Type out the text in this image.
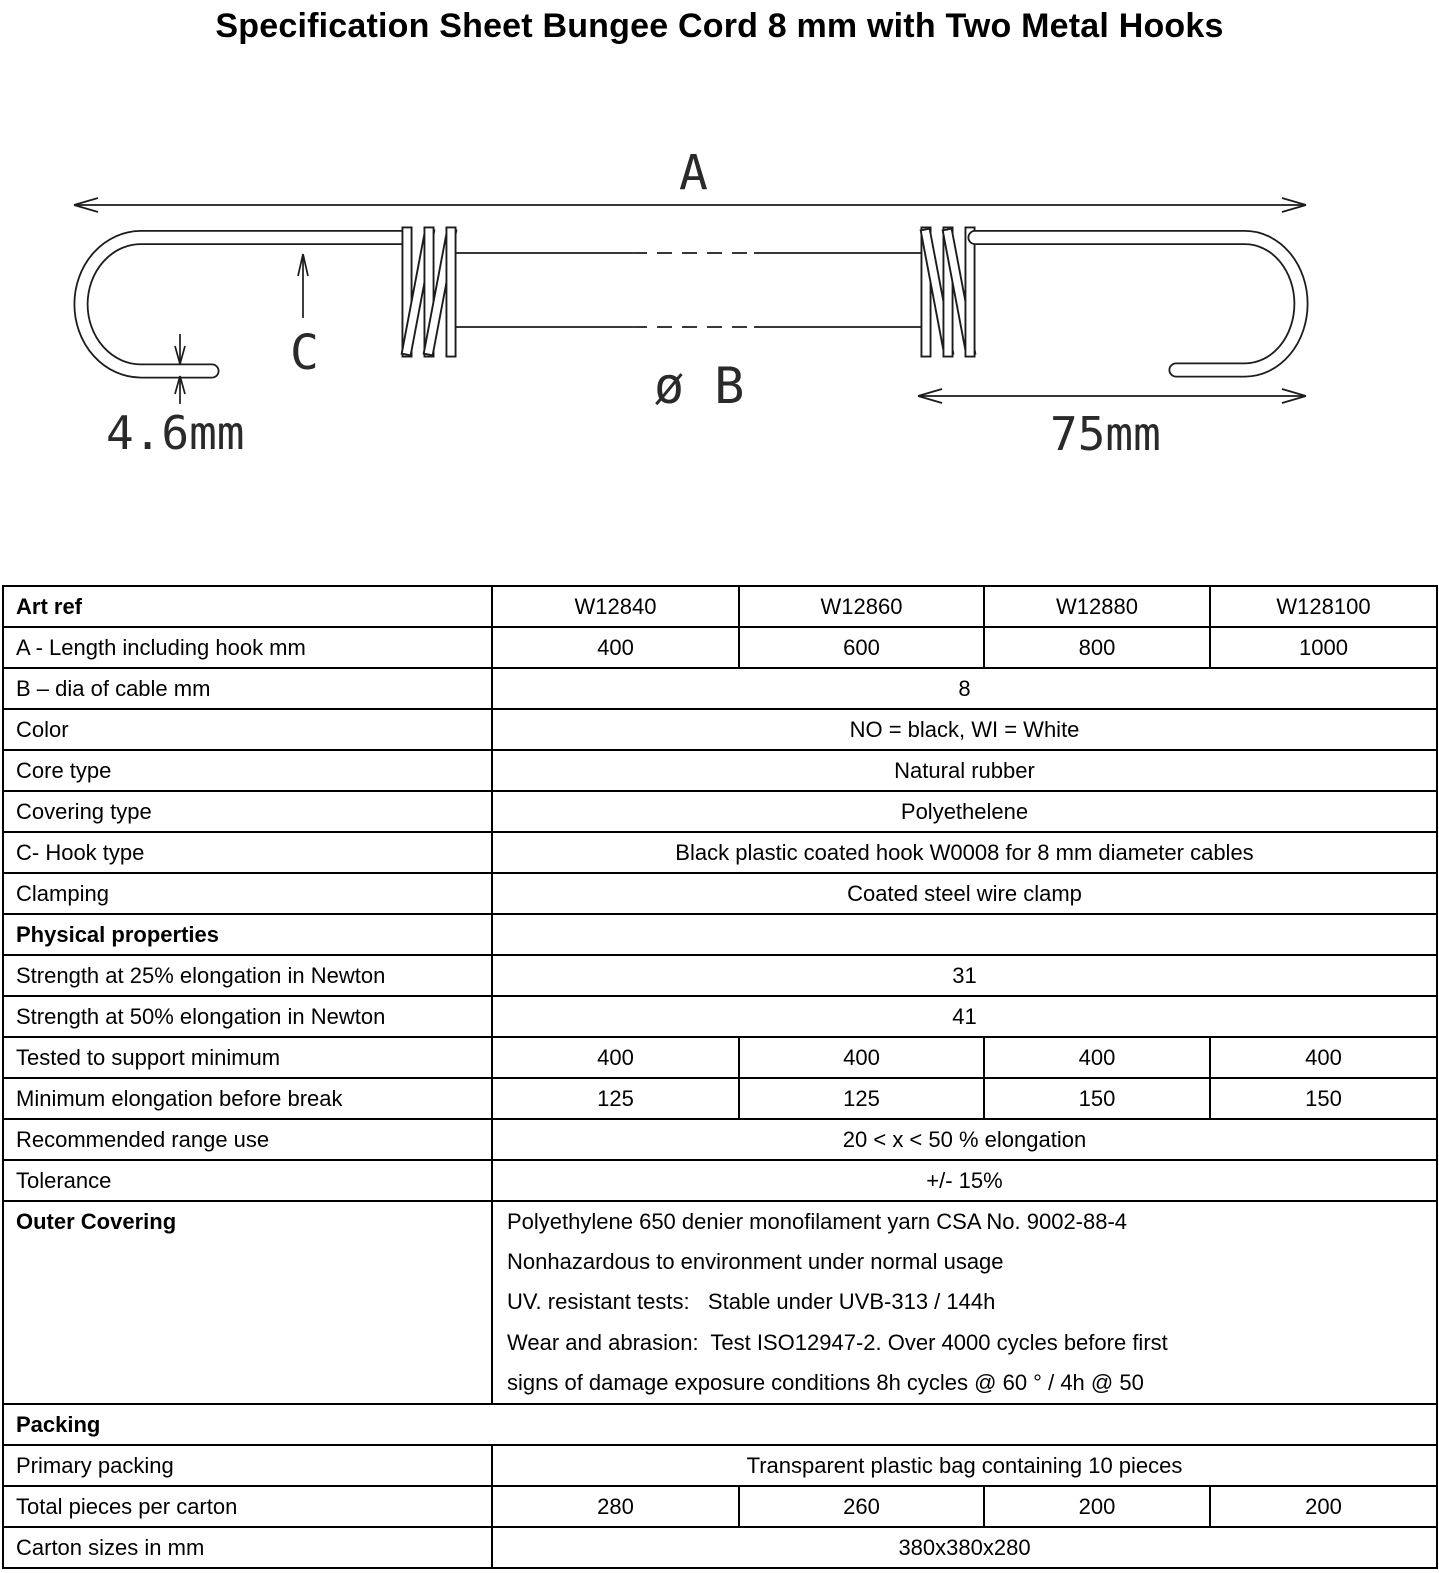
Specification Sheet Bungee Cord 8 mm with Two Metal Hooks
A
C
ø B
4.6mm	75mm
Art ref	W12840	W12860	W12880	W128100
A - Length including hook mm	400	600	800	1000
B – dia of cable mm	8			
Color	NO = black, WI = White			
Core type	Natural rubber			
Covering type	Polyethelene			
C- Hook type	Black plastic coated hook W0008 for 8 mm diameter cables			
Clamping	Coated steel wire clamp			
Physical properties				
Strength at 25% elongation in Newton	31			
Strength at 50% elongation in Newton	41			
Tested to support minimum	400	400	400	400
Minimum elongation before break	125	125	150	150
Recommended range use	20 < x < 50 % elongation			
Tolerance	+/- 15%			

Outer Covering	Polyethylene 650 denier monofilament yarn CSA No. 9002-88-4
Nonhazardous to environment under normal usage
UV. resistant tests:   Stable under UVB-313 / 144h
Wear and abrasion:  Test ISO12947-2. Over 4000 cycles before first
signs of damage exposure conditions 8h cycles @ 60 ° / 4h @ 50			

Packing				
Primary packing	Transparent plastic bag containing 10 pieces			
Total pieces per carton	280	260	200	200
Carton sizes in mm	380x380x280			
